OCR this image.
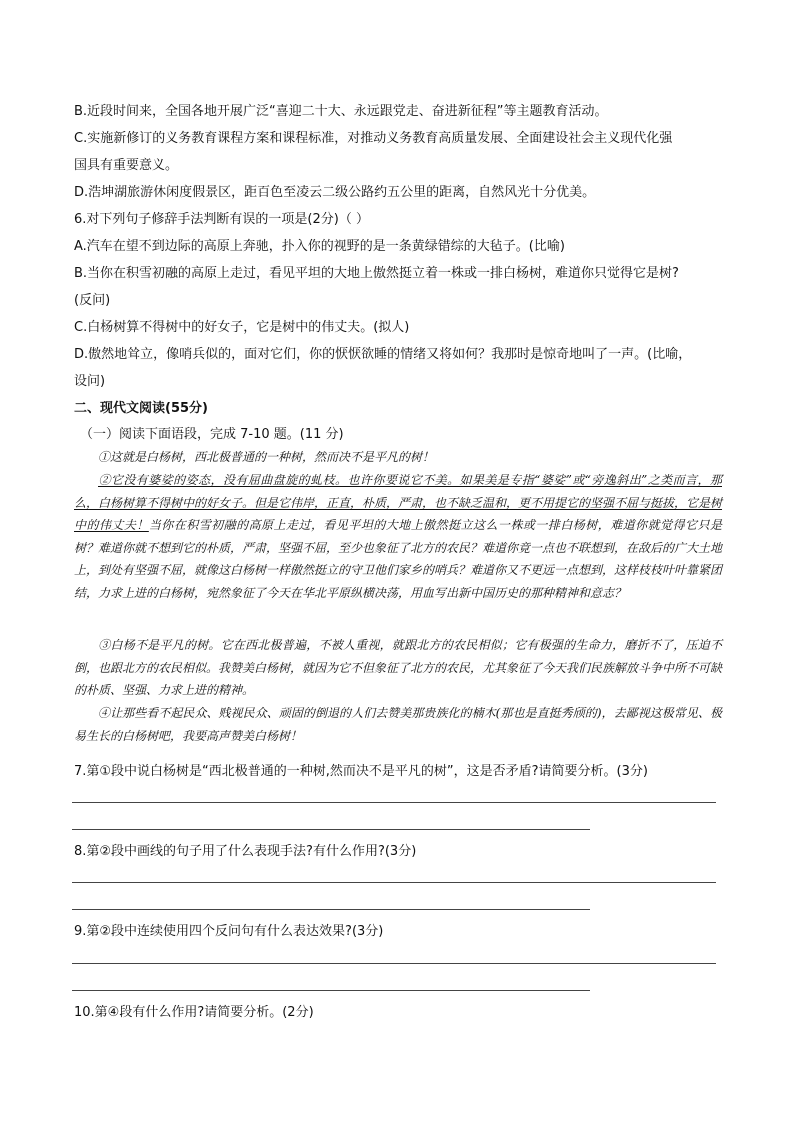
B.近段时间来，全国各地开展广泛“喜迎二十大、永远跟党走、奋进新征程”等主题教育活动。
C.实施新修订的义务教育课程方案和课程标准，对推动义务教育高质量发展、全面建设社会主义现代化强
国具有重要意义。
D.浩坤湖旅游休闲度假景区，距百色至凌云二级公路约五公里的距离，自然风光十分优美。
6.对下列句子修辞手法判断有误的一项是(2分)（ ）
A.汽车在望不到边际的高原上奔驰，扑入你的视野的是一条黄绿错综的大毡子。(比喻)
B.当你在积雪初融的高原上走过，看见平坦的大地上傲然挺立着一株或一排白杨树，难道你只觉得它是树?
(反问)
C.白杨树算不得树中的好女子，它是树中的伟丈夫。(拟人)
D.傲然地耸立，像哨兵似的，面对它们，你的恹恹欲睡的情绪又将如何？我那时是惊奇地叫了一声。(比喻，
设问)
二、现代文阅读(55分)
（一）阅读下面语段，完成 7-10 题。(11 分)
①这就是白杨树，西北极普通的一种树，然而决不是平凡的树！
②它没有婆娑的姿态，没有屈曲盘旋的虬枝。也许你要说它不美。如果美是专指“婆娑”或“旁逸斜出”之类而言，那么，白杨树算不得树中的好女子。但是它伟岸，正直，朴质，严肃，也不缺乏温和，更不用提它的坚强不屈与挺拔，它是树中的伟丈夫！当你在积雪初融的高原上走过，看见平坦的大地上傲然挺立这么一株或一排白杨树，难道你就觉得它只是树？难道你就不想到它的朴质，严肃，坚强不屈，至少也象征了北方的农民？难道你竟一点也不联想到，在敌后的广大土地上，到处有坚强不屈，就像这白杨树一样傲然挺立的守卫他们家乡的哨兵？难道你又不更远一点想到，这样枝枝叶叶靠紧团结，力求上进的白杨树，宛然象征了今天在华北平原纵横决荡，用血写出新中国历史的那种精神和意志？
③白杨不是平凡的树。它在西北极普遍，不被人重视，就跟北方的农民相似；它有极强的生命力，磨折不了，压迫不倒，也跟北方的农民相似。我赞美白杨树，就因为它不但象征了北方的农民，尤其象征了今天我们民族解放斗争中所不可缺的朴质、坚强、力求上进的精神。
④让那些看不起民众、贱视民众、顽固的倒退的人们去赞美那贵族化的楠木(那也是直挺秀颀的)，去鄙视这极常见、极易生长的白杨树吧，我要高声赞美白杨树！
7.第①段中说白杨树是“西北极普通的一种树,然而决不是平凡的树”，这是否矛盾?请简要分析。(3分)
8.第②段中画线的句子用了什么表现手法?有什么作用?(3分)
9.第②段中连续使用四个反问句有什么表达效果?(3分)
10.第④段有什么作用?请简要分析。(2分)
